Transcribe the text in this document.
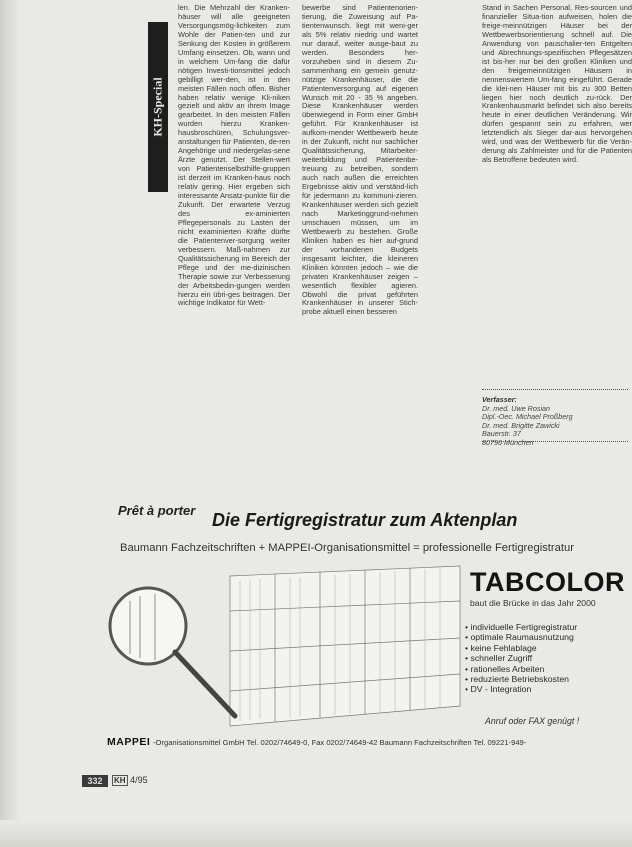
KH-Special
len. Die Mehrzahl der Kranken-häuser will alle geeigneten Versorgungsmög-lichkeiten zum Wohle der Patien-ten und zur Senkung der Kosten in größerem Umfang einsetzen. Ob, wann und in welchem Um-fang die dafür nötigen Investi-tionsmittel jedoch gebilligt wer-den, ist in den meisten Fällen noch offen. Bisher haben relativ wenige Kli-niken gezielt und aktiv an ihrem Image gearbeitet. In den meisten Fällen wurden hierzu Kranken-hausbroschüren, Schulungsver-anstaltungen für Patienten, de-ren Angehörige und niedergelas-sene Ärzte genutzt. Der Stellen-wert von Patientenselbsthilfe-gruppen ist derzeit im Kranken-haus noch relativ gering. Hier ergeben sich interessante Ansatz-punkte für die Zukunft. Der erwartete Verzug des ex-aminierten Pflegepersonals zu Lasten der nicht examinierten Kräfte dürfte die Patientenver-sorgung weiter verbessern. Maß-nahmen zur Qualitätssicherung im Bereich der Pflege und der me-dizinischen Therapie sowie zur Verbesserung der Arbeitsbedin-gungen werden hierzu ein übri-ges beitragen. Der wichtige Indikator für Wett-
bewerbe sind Patientenorien-tierung, die Zuweisung auf Pa-tientenwunsch. liegt mit weni-ger als 5% relativ niedrig und wartet nur darauf, weiter ausge-baut zu werden. Besonders her-vorzuheben sind in diesem Zu-sammenhang ein gemein genutz-nützige Krankenhäuser, die die Patientenversorgung auf eigenen Wunsch mit 20 - 35 % angeben. Diese Krankenhäuser werden überwiegend in Form einer GmbH geführt. Für Krankenhäuser ist aufkom-mender Wettbewerb heute in der Zukunft, nicht nur sachlicher Qualitätssicherung, Mitarbeiter-weiterbildung und Patientenbe-treuung zu betreiben, sondern auch nach außen die erreichten Ergebnisse aktiv und verständ-lich für jedermann zu kommuni-zieren. Krankenhäuser werden sich gezielt nach Marketinggrund-nehmen umschauen müssen, um im Wettbewerb zu bestehen. Große Kliniken haben es hier auf-grund der vorhandenen Budgets insgesamt leichter, die kleineren Kliniken könnten jedoch – wie die privaten Krankenhäuser zeigen – wesentlich flexibler agieren. Obwohl die privat geführten Krankenhäuser in unserer Stich-probe aktuell einen besseren
Stand in Sachen Personal, Res-sourcen und finanzieller Situa-tion aufweisen, holen die freige-meinnützigen Häuser bei der Wettbewerbsorientierung schnell auf. Die Anwendung von pauschalier-ten Entgelten und Abrechnungs-spezifischen Pflegesätzen ist bis-her nur bei den großen Kliniken und den freigemeinnützigen Häusern in nennenswertem Um-fang eingeführt. Gerade die klei-nen Häuser mit bis zu 300 Betten liegen hier noch deutlich zu-rück. Der Krankenhausmarkt befindet sich also bereits heute in einer deutlichen Veränderung. Wir dürfen gespannt sein zu erfahren, wer letztendlich als Sieger dar-aus hervorgehen wird, und was der Wettbewerb für die Verän-derung als Zahlmeister und für die Patienten als Betroffene bedeuten wird.
Verfasser:
Dr. med. Uwe Rosian
Dipl.-Oec. Michael Proßberg
Dr. med. Brigitte Zawicki
Bauerstr. 37
80796 München
Prêt à porter Die Fertigregistratur zum Aktenplan
Baumann Fachzeitschriften + MAPPEI-Organisationsmittel = professionelle Fertigregistratur
TABCOLOR
baut die Brücke in das Jahr 2000
• individuelle Fertigregistratur
• optimale Raumausnutzung
• keine Fehlablage
• schneller Zugriff
• rationelles Arbeiten
• reduzierte Betriebskosten
• DV - Integration
Anruf oder FAX genügt !
MAPPEI -Organisationsmittel GmbH Tel. 0202/74649-0, Fax 0202/74649-42 Baumann Fachzeitschriften Tel. 09221-949-
332	KH 4/95
